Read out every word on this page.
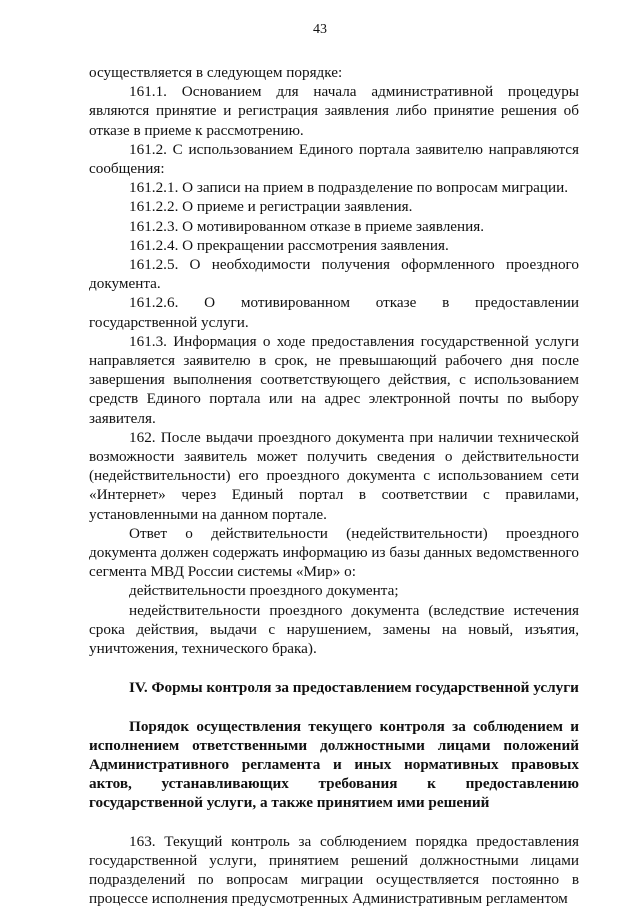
43

осуществляется в следующем порядке:

161.1. Основанием для начала административной процедуры являются принятие и регистрация заявления либо принятие решения об отказе в приеме к рассмотрению.

161.2. С использованием Единого портала заявителю направляются сообщения:

161.2.1. О записи на прием в подразделение по вопросам миграции.

161.2.2. О приеме и регистрации заявления.

161.2.3. О мотивированном отказе в приеме заявления.

161.2.4. О прекращении рассмотрения заявления.

161.2.5. О необходимости получения оформленного проездного документа.

161.2.6. О мотивированном отказе в предоставлении государственной услуги.

161.3. Информация о ходе предоставления государственной услуги направляется заявителю в срок, не превышающий рабочего дня после завершения выполнения соответствующего действия, с использованием средств Единого портала или на адрес электронной почты по выбору заявителя.

162. После выдачи проездного документа при наличии технической возможности заявитель может получить сведения о действительности (недействительности) его проездного документа с использованием сети «Интернет» через Единый портал в соответствии с правилами, установленными на данном портале.

Ответ о действительности (недействительности) проездного документа должен содержать информацию из базы данных ведомственного сегмента МВД России системы «Мир» о:

действительности проездного документа;

недействительности проездного документа (вследствие истечения срока действия, выдачи с нарушением, замены на новый, изъятия, уничтожения, технического брака).

IV. Формы контроля за предоставлением государственной услуги

Порядок осуществления текущего контроля за соблюдением и исполнением ответственными должностными лицами положений Административного регламента и иных нормативных правовых актов, устанавливающих требования к предоставлению государственной услуги, а также принятием ими решений

163. Текущий контроль за соблюдением порядка предоставления государственной услуги, принятием решений должностными лицами подразделений по вопросам миграции осуществляется постоянно в процессе исполнения предусмотренных Административным регламентом
